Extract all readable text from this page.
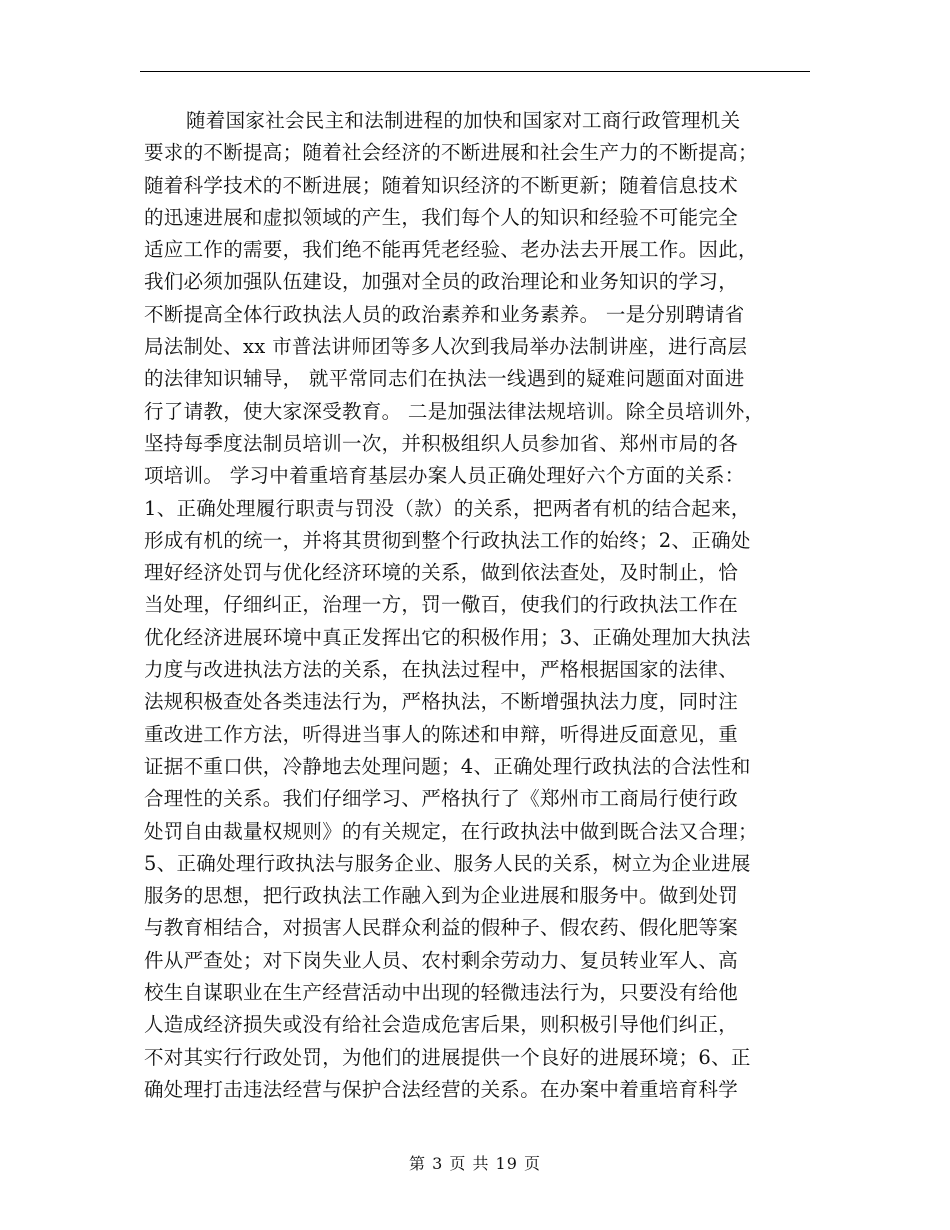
随着国家社会民主和法制进程的加快和国家对工商行政管理机关
要求的不断提高；随着社会经济的不断进展和社会生产力的不断提高；
随着科学技术的不断进展；随着知识经济的不断更新；随着信息技术
的迅速进展和虚拟领域的产生，我们每个人的知识和经验不可能完全
适应工作的需要，我们绝不能再凭老经验、老办法去开展工作。因此，
我们必须加强队伍建设，加强对全员的政治理论和业务知识的学习，
不断提高全体行政执法人员的政治素养和业务素养。 一是分别聘请省
局法制处、xx 市普法讲师团等多人次到我局举办法制讲座，进行高层
的法律知识辅导， 就平常同志们在执法一线遇到的疑难问题面对面进
行了请教，使大家深受教育。 二是加强法律法规培训。除全员培训外，
坚持每季度法制员培训一次，并积极组织人员参加省、郑州市局的各
项培训。 学习中着重培育基层办案人员正确处理好六个方面的关系：
1、正确处理履行职责与罚没（款）的关系，把两者有机的结合起来，
形成有机的统一，并将其贯彻到整个行政执法工作的始终；2、正确处
理好经济处罚与优化经济环境的关系，做到依法查处，及时制止，恰
当处理，仔细纠正，治理一方，罚一儆百，使我们的行政执法工作在
优化经济进展环境中真正发挥出它的积极作用；3、正确处理加大执法
力度与改进执法方法的关系，在执法过程中，严格根据国家的法律、
法规积极查处各类违法行为，严格执法，不断增强执法力度，同时注
重改进工作方法，听得进当事人的陈述和申辩，听得进反面意见，重
证据不重口供，冷静地去处理问题；4、正确处理行政执法的合法性和
合理性的关系。我们仔细学习、严格执行了《郑州市工商局行使行政
处罚自由裁量权规则》的有关规定，在行政执法中做到既合法又合理；
5、正确处理行政执法与服务企业、服务人民的关系，树立为企业进展
服务的思想，把行政执法工作融入到为企业进展和服务中。做到处罚
与教育相结合，对损害人民群众利益的假种子、假农药、假化肥等案
件从严查处；对下岗失业人员、农村剩余劳动力、复员转业军人、高
校生自谋职业在生产经营活动中出现的轻微违法行为，只要没有给他
人造成经济损失或没有给社会造成危害后果，则积极引导他们纠正，
不对其实行行政处罚，为他们的进展提供一个良好的进展环境；6、正
确处理打击违法经营与保护合法经营的关系。在办案中着重培育科学
第 3 页 共 19 页
